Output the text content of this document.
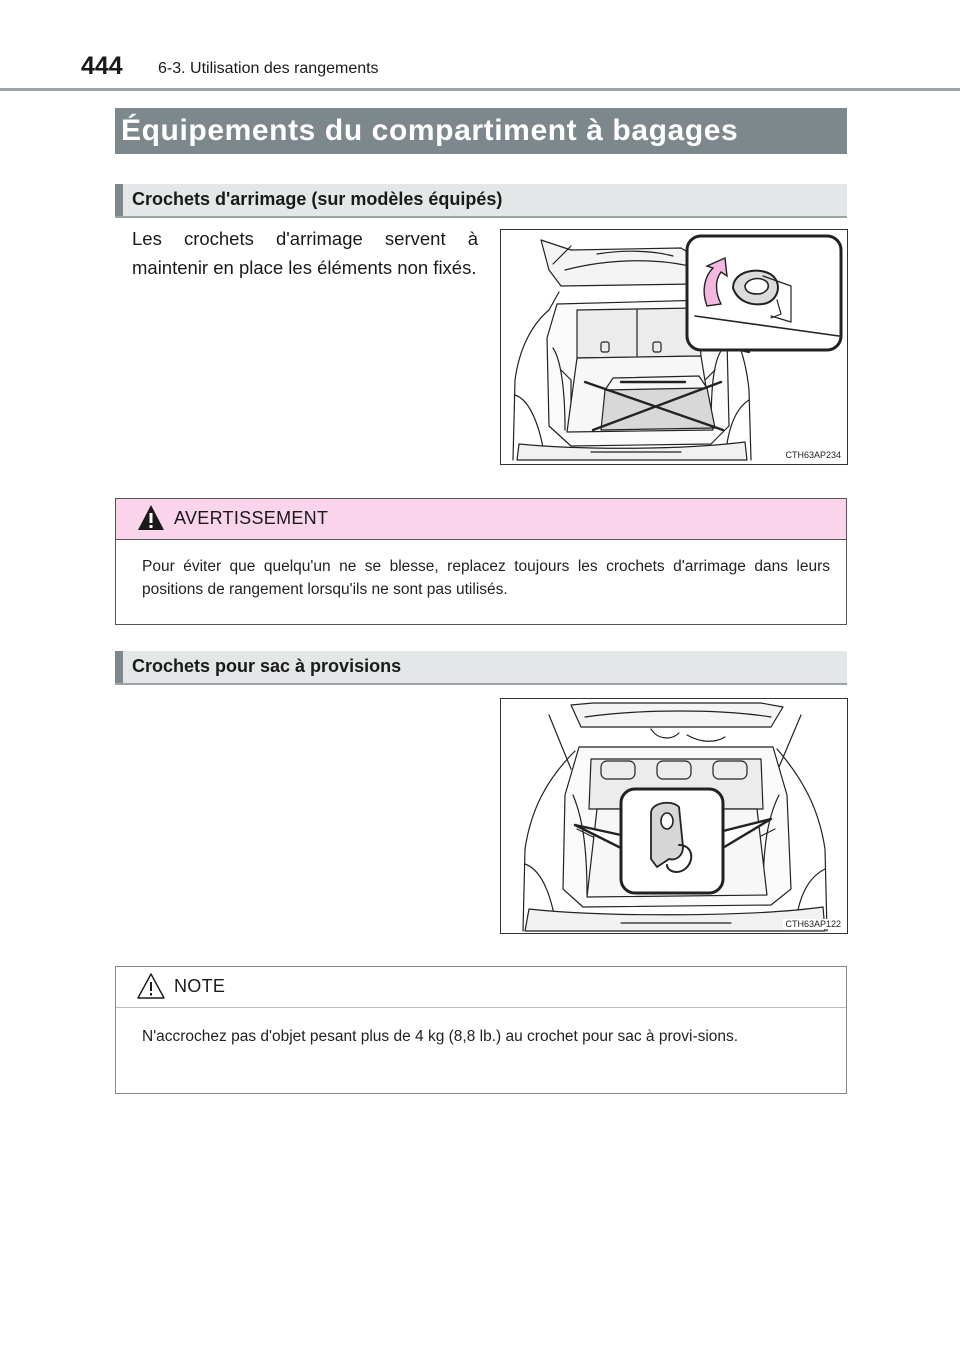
444 6-3. Utilisation des rangements
Équipements du compartiment à bagages
Crochets d'arrimage (sur modèles équipés)
Les crochets d'arrimage servent à maintenir en place les éléments non fixés.
CTH63AP234
AVERTISSEMENT
Pour éviter que quelqu'un ne se blesse, replacez toujours les crochets d'arrimage dans leurs positions de rangement lorsqu'ils ne sont pas utilisés.
Crochets pour sac à provisions
CTH63AP122
NOTE
N'accrochez pas d'objet pesant plus de 4 kg (8,8 lb.) au crochet pour sac à provi-sions.
